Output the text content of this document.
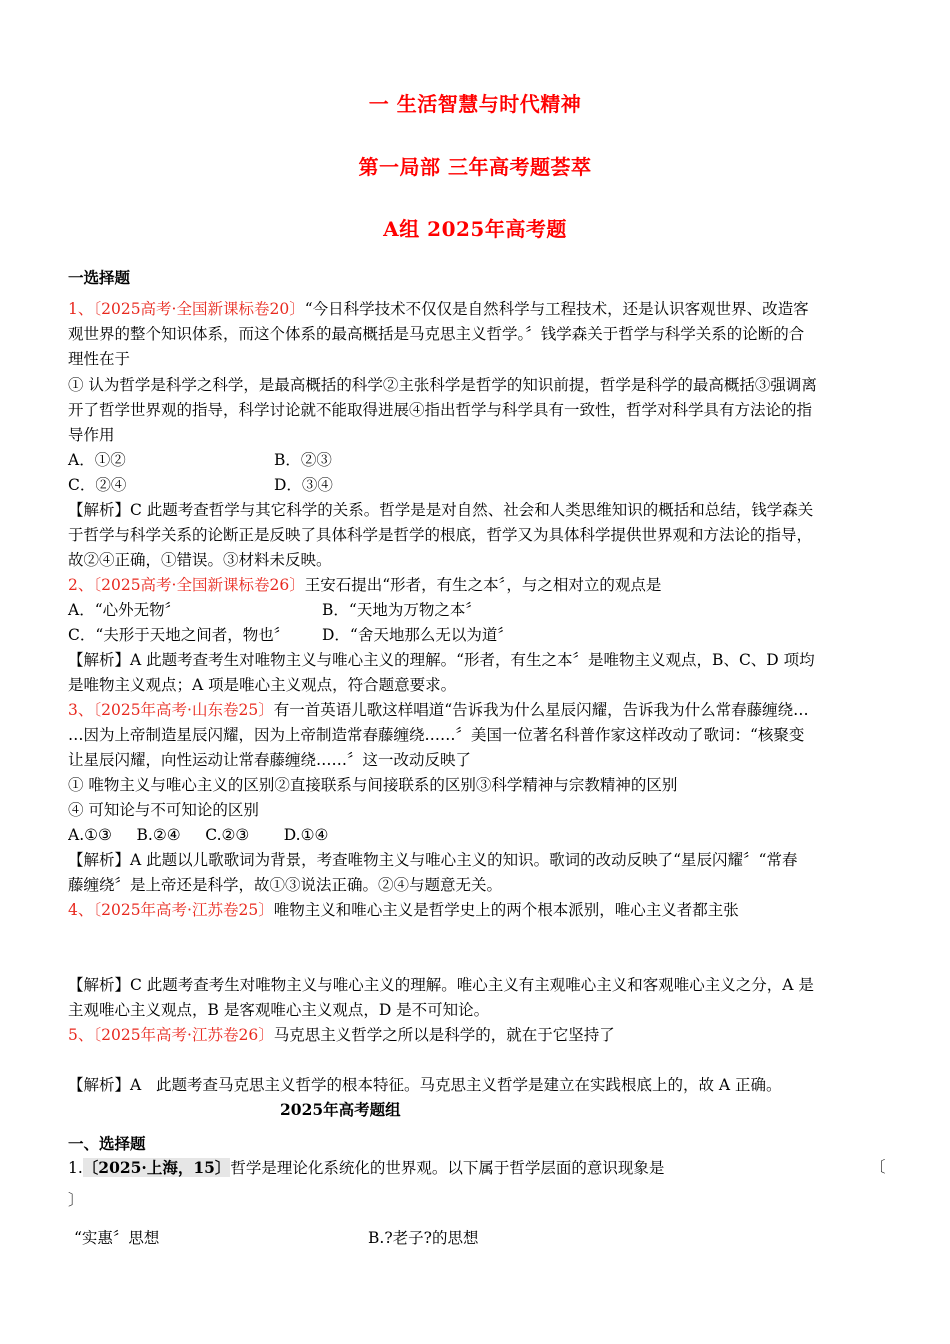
一 生活智慧与时代精神
第一局部 三年高考题荟萃
A组 2025年高考题
一选择题
1、〔2025高考·全国新课标卷20〕“今日科学技术不仅仅是自然科学与工程技术，还是认识客观世界、改造客
观世界的整个知识体系，而这个体系的最高概括是马克思主义哲学。〞钱学森关于哲学与科学关系的论断的合
理性在于
① 认为哲学是科学之科学，是最高概括的科学②主张科学是哲学的知识前提，哲学是科学的最高概括③强调离
开了哲学世界观的指导，科学讨论就不能取得进展④指出哲学与科学具有一致性，哲学对科学具有方法论的指
导作用
A．①②	B．②③
C．②④	D．③④
【解析】C 此题考查哲学与其它科学的关系。哲学是是对自然、社会和人类思维知识的概括和总结，钱学森关
于哲学与科学关系的论断正是反映了具体科学是哲学的根底，哲学又为具体科学提供世界观和方法论的指导，
故②④正确，①错误。③材料未反映。
2、〔2025高考·全国新课标卷26〕王安石提出“形者，有生之本〞，与之相对立的观点是
A．“心外无物〞	B．“天地为万物之本〞
C．“夫形于天地之间者，物也〞 D．“舍天地那么无以为道〞
【解析】A 此题考查考生对唯物主义与唯心主义的理解。“形者，有生之本〞是唯物主义观点，B、C、D 项均
是唯物主义观点；A 项是唯心主义观点，符合题意要求。
3、〔2025年高考·山东卷25〕有一首英语儿歌这样唱道“告诉我为什么星辰闪耀，告诉我为什么常春藤缠绕…
…因为上帝制造星辰闪耀，因为上帝制造常春藤缠绕……〞美国一位著名科普作家这样改动了歌词：“核聚变
让星辰闪耀，向性运动让常春藤缠绕……〞这一改动反映了
① 唯物主义与唯心主义的区别②直接联系与间接联系的区别③科学精神与宗教精神的区别
④ 可知论与不可知论的区别
A.①③     B.②④     C.②③       D.①④
【解析】A 此题以儿歌歌词为背景，考查唯物主义与唯心主义的知识。歌词的改动反映了“星辰闪耀〞“常春
藤缠绕〞是上帝还是科学，故①③说法正确。②④与题意无关。
4、〔2025年高考·江苏卷25〕唯物主义和唯心主义是哲学史上的两个根本派别，唯心主义者都主张
【解析】C 此题考查考生对唯物主义与唯心主义的理解。唯心主义有主观唯心主义和客观唯心主义之分，A 是
主观唯心主义观点，B 是客观唯心主义观点，D 是不可知论。
5、〔2025年高考·江苏卷26〕马克思主义哲学之所以是科学的，就在于它坚持了
【解析】A   此题考查马克思主义哲学的根本特征。马克思主义哲学是建立在实践根底上的，故 A 正确。
2025年高考题组
一、选择题
1.〔2025·上海，15〕哲学是理论化系统化的世界观。以下属于哲学层面的意识现象是	〔
〕
“实惠〞思想	B.?老子?的思想
